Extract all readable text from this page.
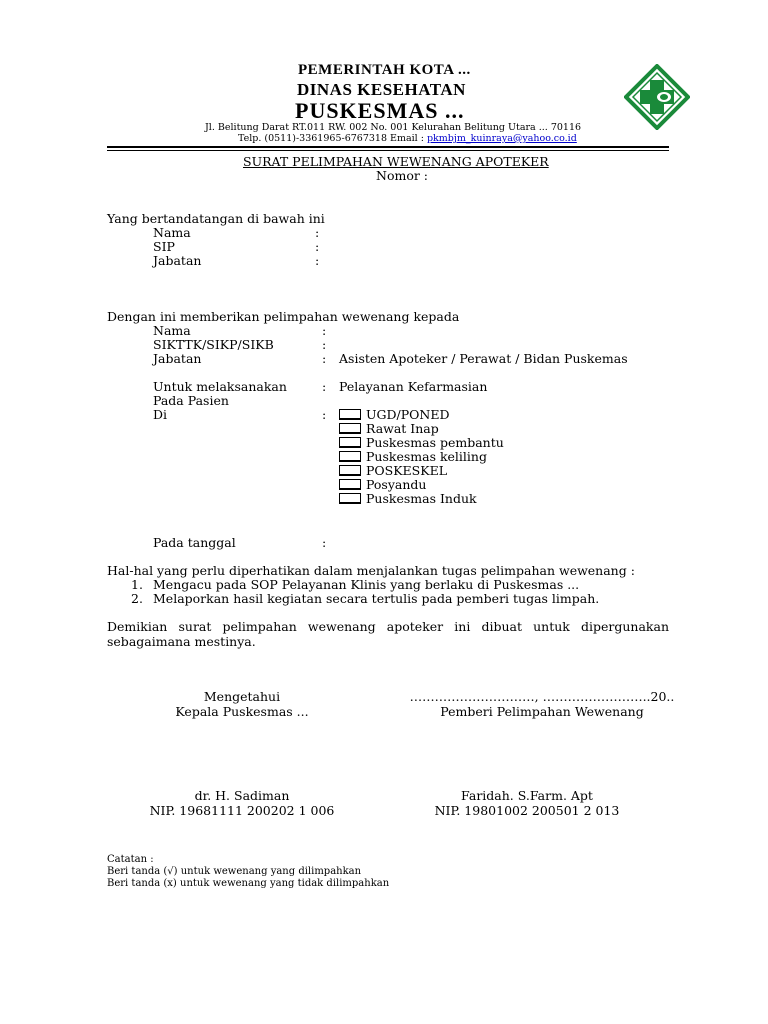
PEMERINTAH KOTA ...
DINAS KESEHATAN
PUSKESMAS ...
Jl. Belitung Darat RT.011 RW. 002 No. 001 Kelurahan Belitung Utara ... 70116
Telp. (0511)-3361965-6767318 Email : pkmbjm_kuinraya@yahoo.co.id
SURAT PELIMPAHAN WEWENANG APOTEKER
Nomor :
Yang bertandatangan di bawah ini
Nama	:
SIP	:
Jabatan	:
Dengan ini memberikan pelimpahan wewenang kepada
Nama	:
SIKTTK/SIKP/SIKB	:
Jabatan	: Asisten Apoteker / Perawat / Bidan Puskemas
Untuk melaksanakan	: Pelayanan Kefarmasian
Pada Pasien
Di	:	UGD/PONED
Rawat Inap
Puskesmas pembantu
Puskesmas keliling
POSKESKEL
Posyandu
Puskesmas Induk
Pada tanggal	:
Hal-hal yang perlu diperhatikan dalam menjalankan tugas pelimpahan wewenang :
1. Mengacu pada SOP Pelayanan Klinis yang berlaku di Puskesmas ...
2. Melaporkan hasil kegiatan secara tertulis pada pemberi tugas limpah.
Demikian surat pelimpahan wewenang apoteker ini dibuat untuk dipergunakan sebagaimana mestinya.
Mengetahui
Kepala Puskesmas ...
…………………………, ……………………..20..
Pemberi Pelimpahan Wewenang
dr. H. Sadiman
NIP. 19681111 200202 1 006
Faridah. S.Farm. Apt
NIP. 19801002 200501 2 013
Catatan :
Beri tanda (√) untuk wewenang yang dilimpahkan
Beri tanda (x) untuk wewenang yang tidak dilimpahkan
